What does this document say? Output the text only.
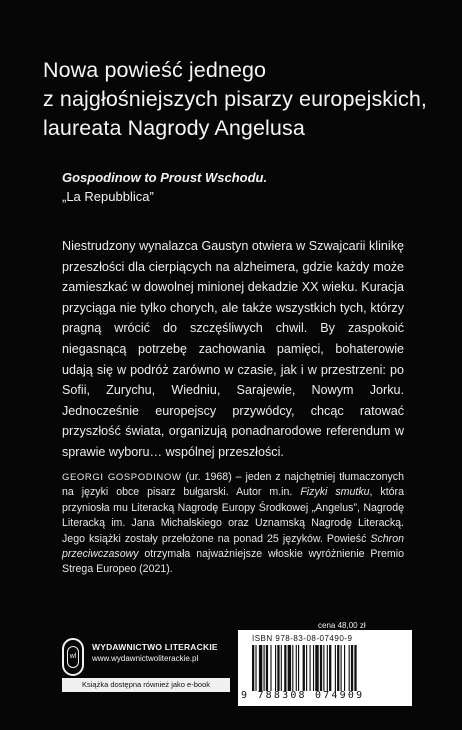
Nowa powieść jednego
z najgłośniejszych pisarzy europejskich,
laureata Nagrody Angelusa
Gospodinow to Proust Wschodu.
„La Repubblica”
Niestrudzony wynalazca Gaustyn otwiera w Szwajcarii klinikę przeszłości dla cierpiących na alzheimera, gdzie każdy może zamieszkać w dowolnej minionej dekadzie XX wieku. Kuracja przyciąga nie tylko chorych, ale także wszystkich tych, którzy pragną wrócić do szczęśliwych chwil. By zaspokoić niegasnącą potrzebę zachowania pamięci, bohaterowie udają się w podróż zarówno w czasie, jak i w przestrzeni: po Sofii, Zurychu, Wiedniu, Sarajewie, Nowym Jorku. Jednocześnie europejscy przywódcy, chcąc ratować przyszłość świata, organizują ponadnarodowe referendum w sprawie wyboru… wspólnej przeszłości.
GEORGI GOSPODINOW (ur. 1968) – jeden z najchętniej tłumaczonych na języki obce pisarz bułgarski. Autor m.in. Fizyki smutku, która przyniosła mu Literacką Nagrodę Europy Środkowej „Angelus”, Nagrodę Literacką im. Jana Michalskiego oraz Uznamską Nagrodę Literacką. Jego książki zostały przełożone na ponad 25 języków. Powieść Schron przeciwczasowy otrzymała najważniejsze włoskie wyróżnienie Premio Strega Europeo (2021).
wl
WYDAWNICTWO LITERACKIE
www.wydawnictwoliterackie.pl
Książka dostępna również jako e-book
cena 48,00 zł
ISBN 978-83-08-07490-9
9 788308 074909
